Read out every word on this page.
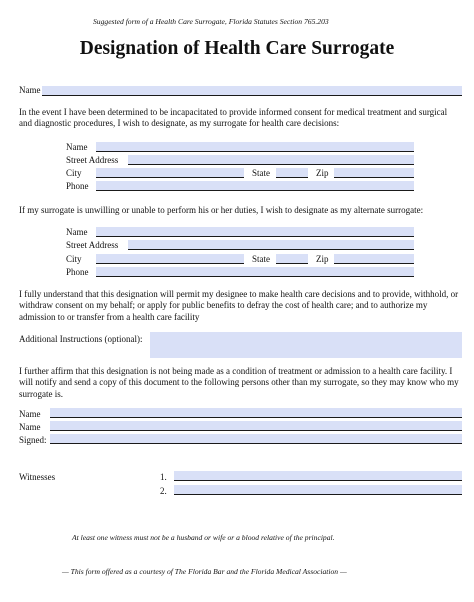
Suggested form of a Health Care Surrogate, Florida Statutes Section 765.203
Designation of Health Care Surrogate
Name
In the event I have been determined to be incapacitated to provide informed consent for medical treatment and surgical and diagnostic procedures, I wish to designate, as my surrogate for health care decisions:
Name
Street Address
City	State	Zip
Phone
If my surrogate is unwilling or unable to perform his or her duties, I wish to designate as my alternate surrogate:
Name
Street Address
City	State	Zip
Phone
I fully understand that this designation will permit my designee to make health care decisions and to provide, withhold, or withdraw consent on my behalf; or apply for public benefits to defray the cost of health care; and to authorize my admission to or transfer from a health care facility
Additional Instructions (optional):
I further affirm that this designation is not being made as a condition of treatment or admission to a health care facility. I will notify and send a copy of this document to the following persons other than my surrogate, so they may know who my surrogate is.
Name
Name
Signed:
Witnesses	1.
2.
At least one witness must not be a husband or wife or a blood relative of the principal.
— This form offered as a courtesy of The Florida Bar and the Florida Medical Association —
